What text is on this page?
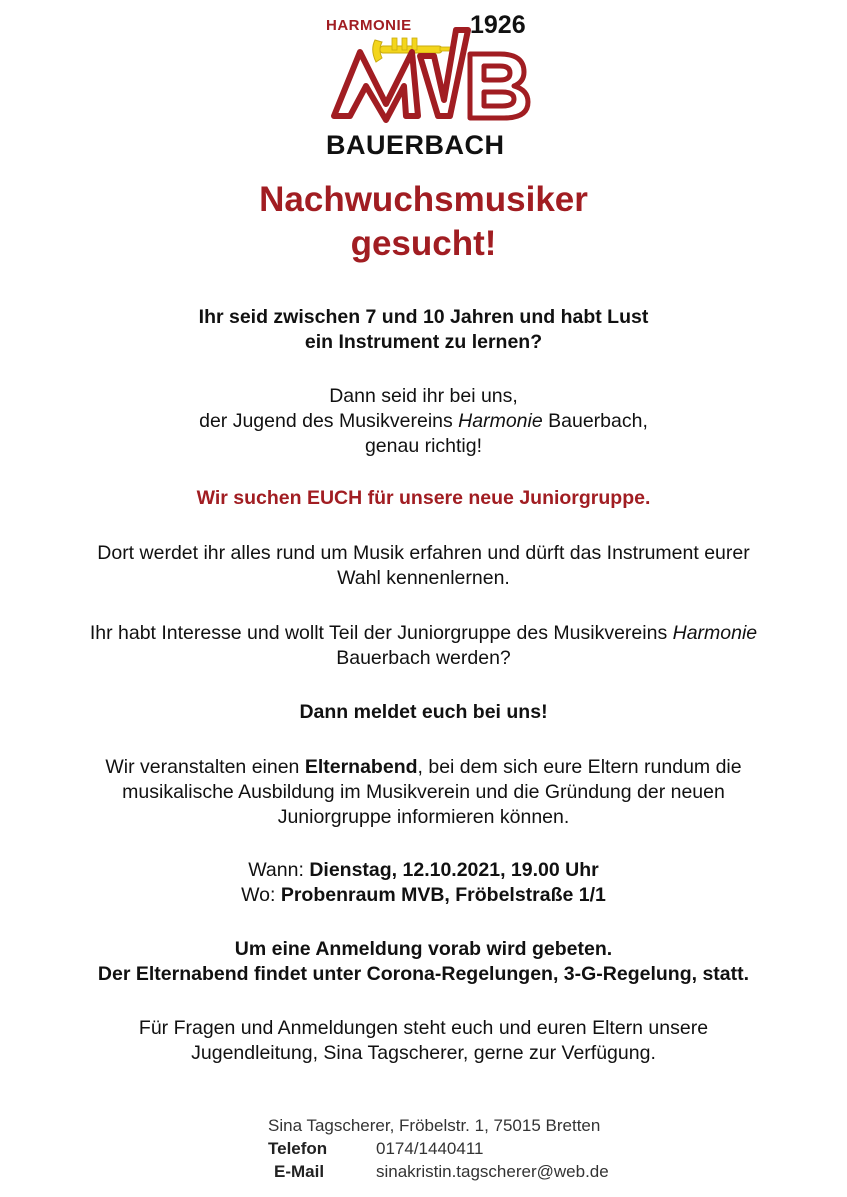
HARMONIE 1926
BAUERBACH
Nachwuchsmusiker
gesucht!
Ihr seid zwischen 7 und 10 Jahren und habt Lust
ein Instrument zu lernen?
Dann seid ihr bei uns,
der Jugend des Musikvereins Harmonie Bauerbach,
genau richtig!
Wir suchen EUCH für unsere neue Juniorgruppe.
Dort werdet ihr alles rund um Musik erfahren und dürft das Instrument eurer
Wahl kennenlernen.
Ihr habt Interesse und wollt Teil der Juniorgruppe des Musikvereins Harmonie
Bauerbach werden?
Dann meldet euch bei uns!
Wir veranstalten einen Elternabend, bei dem sich eure Eltern rundum die
musikalische Ausbildung im Musikverein und die Gründung der neuen
Juniorgruppe informieren können.
Wann: Dienstag, 12.10.2021, 19.00 Uhr
Wo: Probenraum MVB, Fröbelstraße 1/1
Um eine Anmeldung vorab wird gebeten.
Der Elternabend findet unter Corona-Regelungen, 3-G-Regelung, statt.
Für Fragen und Anmeldungen steht euch und euren Eltern unsere
Jugendleitung, Sina Tagscherer, gerne zur Verfügung.
Sina Tagscherer, Fröbelstr. 1, 75015 Bretten
Telefon	0174/1440411
E-Mail	sinakristin.tagscherer@web.de
